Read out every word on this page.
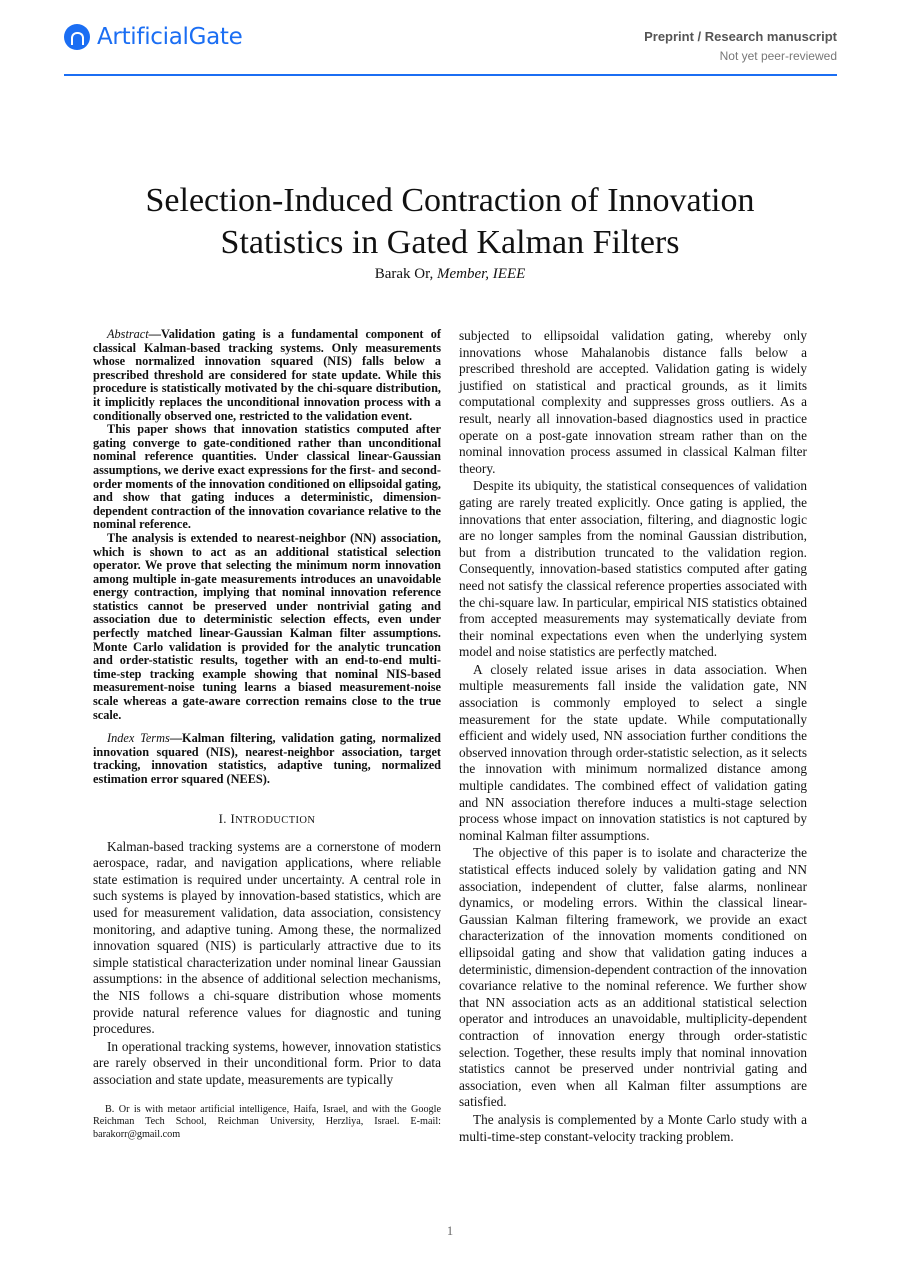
ArtificialGate	Preprint / Research manuscript
Not yet peer-reviewed
Selection-Induced Contraction of Innovation
Statistics in Gated Kalman Filters
Barak Or, Member, IEEE

Abstract—Validation gating is a fundamental component of classical Kalman-based tracking systems. Only measurements whose normalized innovation squared (NIS) falls below a prescribed threshold are considered for state update. While this procedure is statistically motivated by the chi-square distribution, it implicitly replaces the unconditional innovation process with a conditionally observed one, restricted to the validation event.

This paper shows that innovation statistics computed after gating converge to gate-conditioned rather than unconditional nominal reference quantities. Under classical linear-Gaussian assumptions, we derive exact expressions for the first- and second-order moments of the innovation conditioned on ellipsoidal gating, and show that gating induces a deterministic, dimension-dependent contraction of the innovation covariance relative to the nominal reference.

The analysis is extended to nearest-neighbor (NN) association, which is shown to act as an additional statistical selection operator. We prove that selecting the minimum norm innovation among multiple in-gate measurements introduces an unavoidable energy contraction, implying that nominal innovation reference statistics cannot be preserved under nontrivial gating and association due to deterministic selection effects, even under perfectly matched linear-Gaussian Kalman filter assumptions. Monte Carlo validation is provided for the analytic truncation and order-statistic results, together with an end-to-end multi-time-step tracking example showing that nominal NIS-based measurement-noise tuning learns a biased measurement-noise scale whereas a gate-aware correction remains close to the true scale.

Index Terms—Kalman filtering, validation gating, normalized innovation squared (NIS), nearest-neighbor association, target tracking, innovation statistics, adaptive tuning, normalized estimation error squared (NEES).

I. INTRODUCTION

Kalman-based tracking systems are a cornerstone of modern aerospace, radar, and navigation applications, where reliable state estimation is required under uncertainty. A central role in such systems is played by innovation-based statistics, which are used for measurement validation, data association, consistency monitoring, and adaptive tuning. Among these, the normalized innovation squared (NIS) is particularly attractive due to its simple statistical characterization under nominal linear Gaussian assumptions: in the absence of additional selection mechanisms, the NIS follows a chi-square distribution whose moments provide natural reference values for diagnostic and tuning procedures.

In operational tracking systems, however, innovation statistics are rarely observed in their unconditional form. Prior to data association and state update, measurements are typically

B. Or is with metaor artificial intelligence, Haifa, Israel, and with the Google Reichman Tech School, Reichman University, Herzliya, Israel. E-mail: barakorr@gmail.com

subjected to ellipsoidal validation gating, whereby only innovations whose Mahalanobis distance falls below a prescribed threshold are accepted. Validation gating is widely justified on statistical and practical grounds, as it limits computational complexity and suppresses gross outliers. As a result, nearly all innovation-based diagnostics used in practice operate on a post-gate innovation stream rather than on the nominal innovation process assumed in classical Kalman filter theory.

Despite its ubiquity, the statistical consequences of validation gating are rarely treated explicitly. Once gating is applied, the innovations that enter association, filtering, and diagnostic logic are no longer samples from the nominal Gaussian distribution, but from a distribution truncated to the validation region. Consequently, innovation-based statistics computed after gating need not satisfy the classical reference properties associated with the chi-square law. In particular, empirical NIS statistics obtained from accepted measurements may systematically deviate from their nominal expectations even when the underlying system model and noise statistics are perfectly matched.

A closely related issue arises in data association. When multiple measurements fall inside the validation gate, NN association is commonly employed to select a single measurement for the state update. While computationally efficient and widely used, NN association further conditions the observed innovation through order-statistic selection, as it selects the innovation with minimum normalized distance among multiple candidates. The combined effect of validation gating and NN association therefore induces a multi-stage selection process whose impact on innovation statistics is not captured by nominal Kalman filter assumptions.

The objective of this paper is to isolate and characterize the statistical effects induced solely by validation gating and NN association, independent of clutter, false alarms, nonlinear dynamics, or modeling errors. Within the classical linear-Gaussian Kalman filtering framework, we provide an exact characterization of the innovation moments conditioned on ellipsoidal gating and show that validation gating induces a deterministic, dimension-dependent contraction of the innovation covariance relative to the nominal reference. We further show that NN association acts as an additional statistical selection operator and introduces an unavoidable, multiplicity-dependent contraction of innovation energy through order-statistic selection. Together, these results imply that nominal innovation statistics cannot be preserved under nontrivial gating and association, even when all Kalman filter assumptions are satisfied.

The analysis is complemented by a Monte Carlo study with a multi-time-step constant-velocity tracking problem.

1
